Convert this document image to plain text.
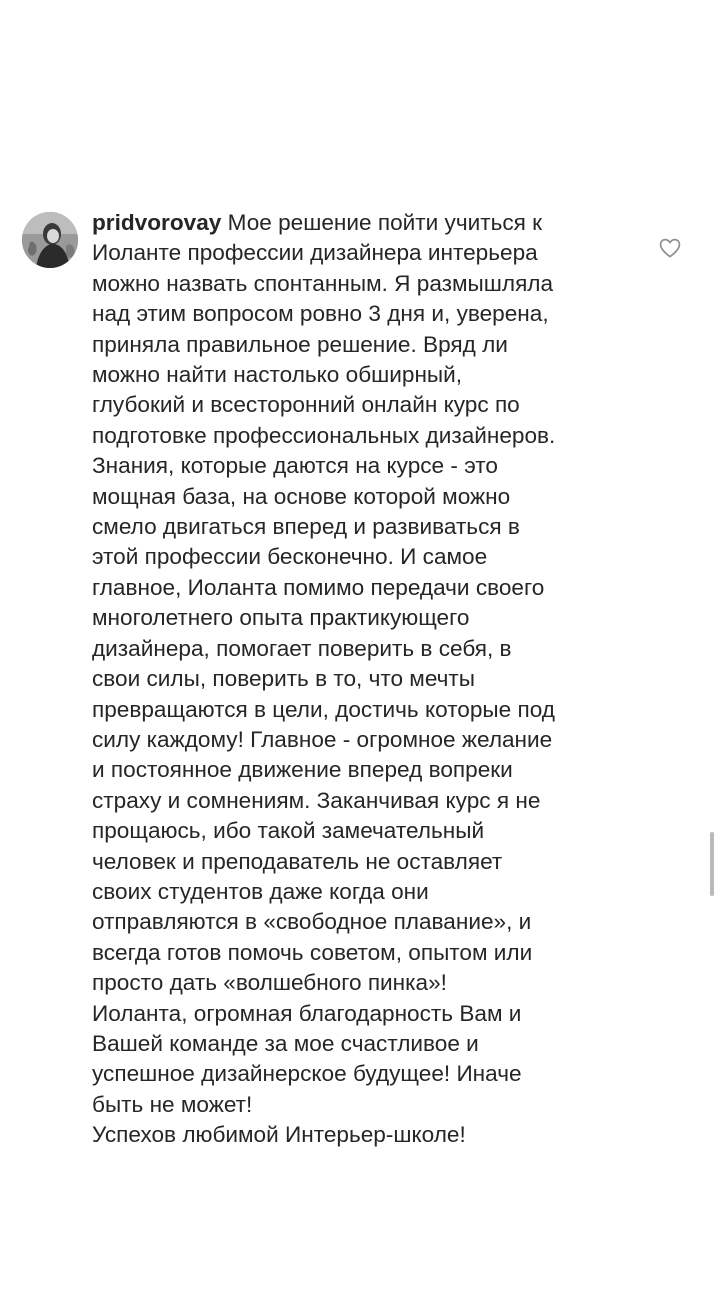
pridvorovay Мое решение пойти учиться к
Иоланте профессии дизайнера интерьера
можно назвать спонтанным. Я размышляла
над этим вопросом ровно 3 дня и, уверена,
приняла правильное решение. Вряд ли
можно найти настолько обширный,
глубокий и всесторонний онлайн курс по
подготовке профессиональных дизайнеров.
Знания, которые даются на курсе - это
мощная база, на основе которой можно
смело двигаться вперед и развиваться в
этой профессии бесконечно. И самое
главное, Иоланта помимо передачи своего
многолетнего опыта практикующего
дизайнера, помогает поверить в себя, в
свои силы, поверить в то, что мечты
превращаются в цели, достичь которые под
силу каждому! Главное - огромное желание
и постоянное движение вперед вопреки
страху и сомнениям. Заканчивая курс я не
прощаюсь, ибо такой замечательный
человек и преподаватель не оставляет
своих студентов даже когда они
отправляются в «свободное плавание», и
всегда готов помочь советом, опытом или
просто дать «волшебного пинка»!
Иоланта, огромная благодарность Вам и
Вашей команде за мое счастливое и
успешное дизайнерское будущее! Иначе
быть не может!
Успехов любимой Интерьер-школе!
